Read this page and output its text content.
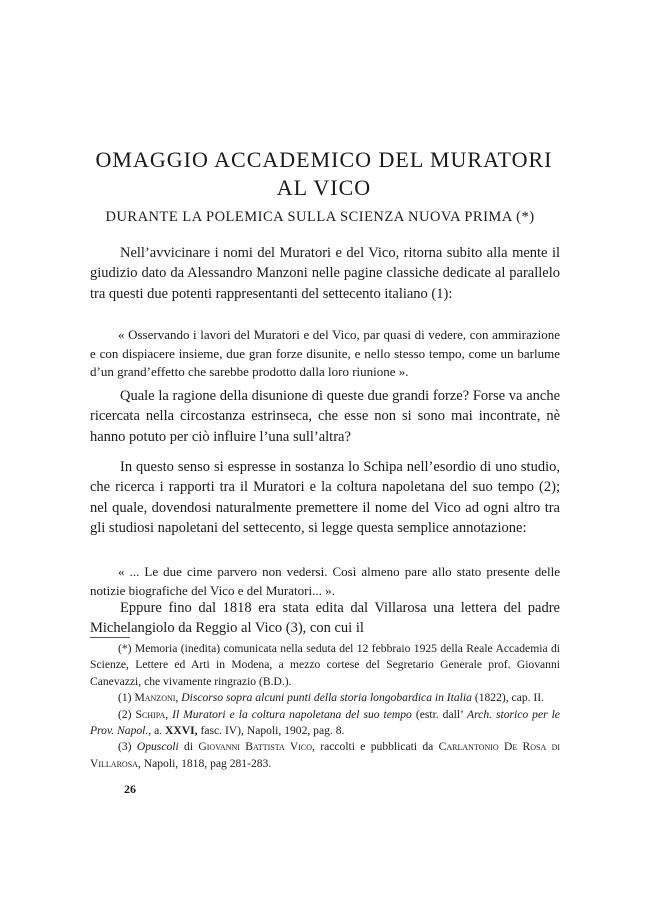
OMAGGIO ACCADEMICO DEL MURATORI
AL VICO
DURANTE LA POLEMICA SULLA SCIENZA NUOVA PRIMA (*)

Nell’avvicinare i nomi del Muratori e del Vico, ritorna subito alla mente il giudizio dato da Alessandro Manzoni nelle pagine classiche dedicate al parallelo tra questi due potenti rappresentanti del settecento italiano (1):

« Osservando i lavori del Muratori e del Vico, par quasi di vedere, con ammirazione e con dispiacere insieme, due gran forze disunite, e nello stesso tempo, come un barlume d’un grand’effetto che sarebbe prodotto dalla loro riunione ».

Quale la ragione della disunione di queste due grandi forze? Forse va anche ricercata nella circostanza estrinseca, che esse non si sono mai incontrate, nè hanno potuto per ciò influire l’una sull’altra?

In questo senso si espresse in sostanza lo Schipa nell’esordio di uno studio, che ricerca i rapporti tra il Muratori e la coltura napoletana del suo tempo (2); nel quale, dovendosi naturalmente premettere il nome del Vico ad ogni altro tra gli studiosi napoletani del settecento, si legge questa semplice annotazione:

« ... Le due cime parvero non vedersi. Così almeno pare allo stato presente delle notizie biografiche del Vico e del Muratori... ».

Eppure fino dal 1818 era stata edita dal Villarosa una lettera del padre Michelangiolo da Reggio al Vico (3), con cui il

(*) Memoria (inedita) comunicata nella seduta del 12 febbraio 1925 della Reale Accademia di Scienze, Lettere ed Arti in Modena, a mezzo cortese del Segretario Generale prof. Giovanni Canevazzi, che vivamente ringrazio (B.D.).

(1) Manzoni, Discorso sopra alcuni punti della storia longobardica in Italia (1822), cap. II.

(2) Schipa, Il Muratori e la coltura napoletana del suo tempo (estr. dall’ Arch. storico per le Prov. Napol., a. XXVI, fasc. IV), Napoli, 1902, pag. 8.

(3) Opuscoli di Giovanni Battista Vico, raccolti e pubblicati da Carlantonio De Rosa di Villarosa, Napoli, 1818, pag 281-283.

26
